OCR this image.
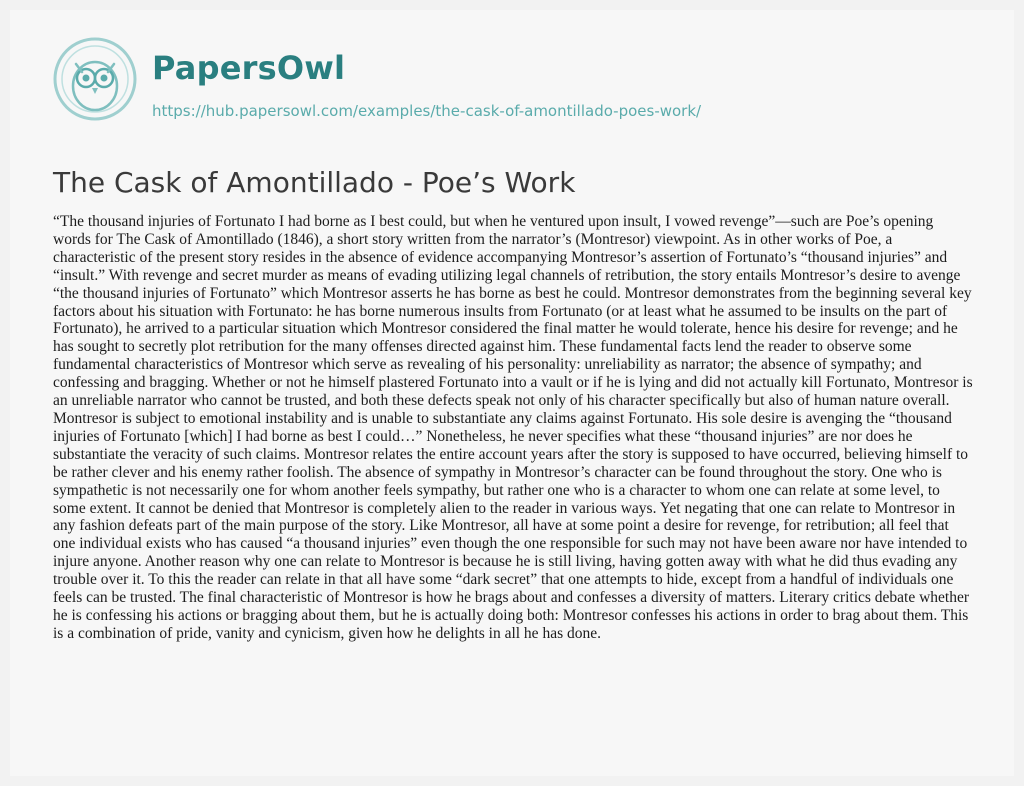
PapersOwl
https://hub.papersowl.com/examples/the-cask-of-amontillado-poes-work/
The Cask of Amontillado - Poe’s Work

“The thousand injuries of Fortunato I had borne as I best could, but when he ventured upon insult, I vowed revenge”—such are Poe’s opening words for The Cask of Amontillado (1846), a short story written from the narrator’s (Montresor) viewpoint. As in other works of Poe, a characteristic of the present story resides in the absence of evidence accompanying Montresor’s assertion of Fortunato’s “thousand injuries” and “insult.” With revenge and secret murder as means of evading utilizing legal channels of retribution, the story entails Montresor’s desire to avenge “the thousand injuries of Fortunato” which Montresor asserts he has borne as best he could. Montresor demonstrates from the beginning several key factors about his situation with Fortunato: he has borne numerous insults from Fortunato (or at least what he assumed to be insults on the part of Fortunato), he arrived to a particular situation which Montresor considered the final matter he would tolerate, hence his desire for revenge; and he has sought to secretly plot retribution for the many offenses directed against him. These fundamental facts lend the reader to observe some fundamental characteristics of Montresor which serve as revealing of his personality: unreliability as narrator; the absence of sympathy; and confessing and bragging. Whether or not he himself plastered Fortunato into a vault or if he is lying and did not actually kill Fortunato, Montresor is an unreliable narrator who cannot be trusted, and both these defects speak not only of his character specifically but also of human nature overall. Montresor is subject to emotional instability and is unable to substantiate any claims against Fortunato. His sole desire is avenging the “thousand injuries of Fortunato [which] I had borne as best I could…” Nonetheless, he never specifies what these “thousand injuries” are nor does he substantiate the veracity of such claims. Montresor relates the entire account years after the story is supposed to have occurred, believing himself to be rather clever and his enemy rather foolish. The absence of sympathy in Montresor’s character can be found throughout the story. One who is sympathetic is not necessarily one for whom another feels sympathy, but rather one who is a character to whom one can relate at some level, to some extent. It cannot be denied that Montresor is completely alien to the reader in various ways. Yet negating that one can relate to Montresor in any fashion defeats part of the main purpose of the story. Like Montresor, all have at some point a desire for revenge, for retribution; all feel that one individual exists who has caused “a thousand injuries” even though the one responsible for such may not have been aware nor have intended to injure anyone. Another reason why one can relate to Montresor is because he is still living, having gotten away with what he did thus evading any trouble over it. To this the reader can relate in that all have some “dark secret” that one attempts to hide, except from a handful of individuals one feels can be trusted. The final characteristic of Montresor is how he brags about and confesses a diversity of matters. Literary critics debate whether he is confessing his actions or bragging about them, but he is actually doing both: Montresor confesses his actions in order to brag about them. This is a combination of pride, vanity and cynicism, given how he delights in all he has done.
